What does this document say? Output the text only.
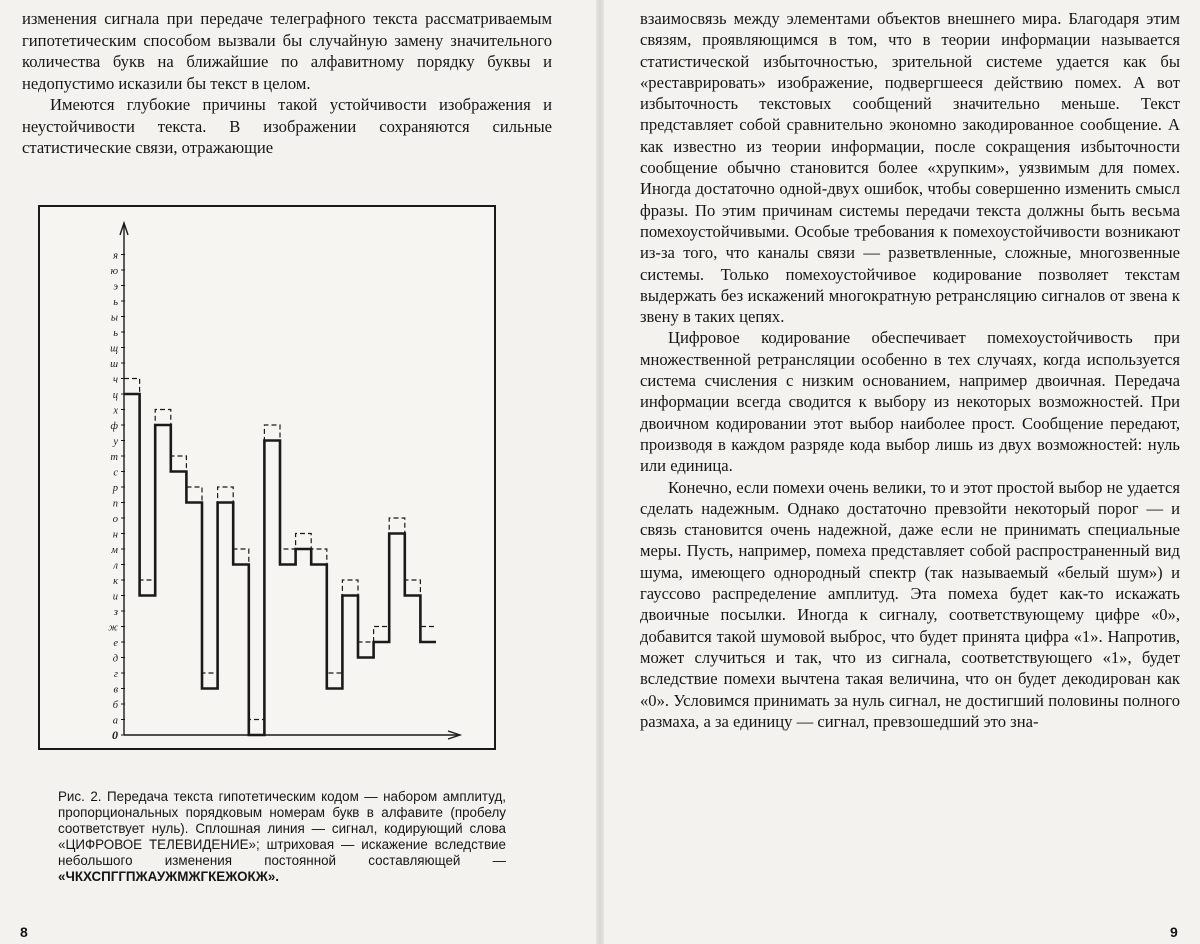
изменения сигнала при передаче телеграфного текста рассматриваемым гипотетическим способом вызвали бы случайную замену значительного количества букв на ближайшие по алфавитному порядку буквы и недопустимо исказили бы текст в целом.

Имеются глубокие причины такой устойчивости изображения и неустойчивости текста. В изображении сохраняются сильные статистические связи, отражающие

0
а
б
в
г
д
е
ж
з
и
к
л
м
н
о
п
р
с
т
у
ф
х
ц
ч
ш
щ
ь
ы
ь
э
ю
я

Рис. 2. Передача текста гипотетическим кодом — набором амплитуд, пропорциональных порядковым номерам букв в алфавите (пробелу соответствует нуль). Сплошная линия — сигнал, кодирующий слова «ЦИФРОВОЕ ТЕЛЕВИДЕНИЕ»; штриховая — искажение вследствие небольшого изменения постоянной составляющей — «ЧКХСПГГПЖАУЖМЖГКЕЖОКЖ».

8

взаимосвязь между элементами объектов внешнего мира. Благодаря этим связям, проявляющимся в том, что в теории информации называется статистической избыточностью, зрительной системе удается как бы «реставрировать» изображение, подвергшееся действию помех. А вот избыточность текстовых сообщений значительно меньше. Текст представляет собой сравнительно экономно закодированное сообщение. А как известно из теории информации, после сокращения избыточности сообщение обычно становится более «хрупким», уязвимым для помех. Иногда достаточно одной-двух ошибок, чтобы совершенно изменить смысл фразы. По этим причинам системы передачи текста должны быть весьма помехоустойчивыми. Особые требования к помехоустойчивости возникают из-за того, что каналы связи — разветвленные, сложные, многозвенные системы. Только помехоустойчивое кодирование позволяет текстам выдержать без искажений многократную ретрансляцию сигналов от звена к звену в таких цепях.

Цифровое кодирование обеспечивает помехоустойчивость при множественной ретрансляции особенно в тех случаях, когда используется система счисления с низким основанием, например двоичная. Передача информации всегда сводится к выбору из некоторых возможностей. При двоичном кодировании этот выбор наиболее прост. Сообщение передают, производя в каждом разряде кода выбор лишь из двух возможностей: нуль или единица.

Конечно, если помехи очень велики, то и этот простой выбор не удается сделать надежным. Однако достаточно превзойти некоторый порог — и связь становится очень надежной, даже если не принимать специальные меры. Пусть, например, помеха представляет собой распространенный вид шума, имеющего однородный спектр (так называемый «белый шум») и гауссово распределение амплитуд. Эта помеха будет как-то искажать двоичные посылки. Иногда к сигналу, соответствующему цифре «0», добавится такой шумовой выброс, что будет принята цифра «1». Напротив, может случиться и так, что из сигнала, соответствующего «1», будет вследствие помехи вычтена такая величина, что он будет декодирован как «0». Условимся принимать за нуль сигнал, не достигший половины полного размаха, а за единицу — сигнал, превзошедший это зна-

9
